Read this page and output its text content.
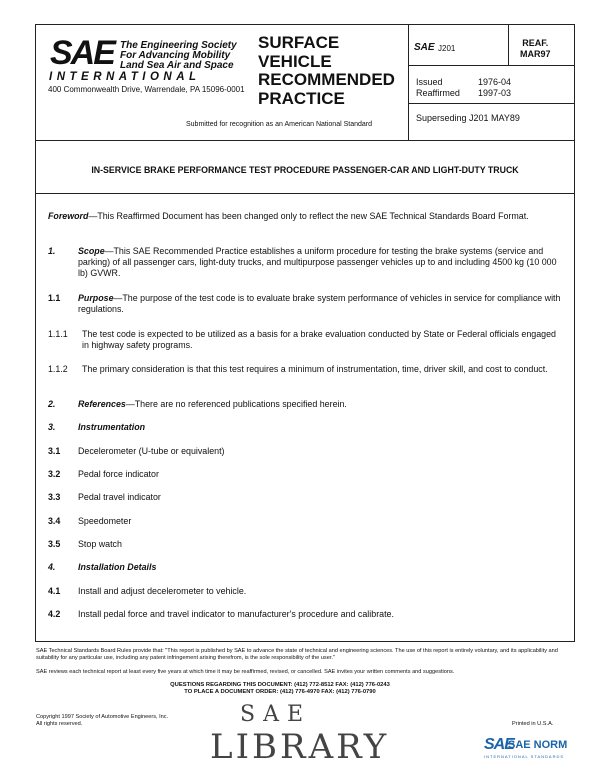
SAE The Engineering Society
For Advancing Mobility
Land Sea Air and Space
INTERNATIONAL
400 Commonwealth Drive, Warrendale, PA 15096-0001
SURFACE
VEHICLE
RECOMMENDED
PRACTICE
Submitted for recognition as an American National Standard
SAE J201
REAF.
MAR97
Issued	1976-04
Reaffirmed 1997-03
Superseding J201 MAY89
IN-SERVICE BRAKE PERFORMANCE TEST PROCEDURE PASSENGER-CAR AND LIGHT-DUTY TRUCK
Foreword—This Reaffirmed Document has been changed only to reflect the new SAE Technical Standards Board Format.
1.	Scope—This SAE Recommended Practice establishes a uniform procedure for testing the brake systems (service and parking) of all passenger cars, light-duty trucks, and multipurpose passenger vehicles up to and including 4500 kg (10 000 lb) GVWR.
1.1 Purpose—The purpose of the test code is to evaluate brake system performance of vehicles in service for compliance with regulations.
1.1.1 The test code is expected to be utilized as a basis for a brake evaluation conducted by State or Federal officials engaged in highway safety programs.
1.1.2 The primary consideration is that this test requires a minimum of instrumentation, time, driver skill, and cost to conduct.
2.	References—There are no referenced publications specified herein.
3.	Instrumentation
3.1 Decelerometer (U-tube or equivalent)
3.2 Pedal force indicator
3.3 Pedal travel indicator
3.4 Speedometer
3.5 Stop watch
4.	Installation Details
4.1 Install and adjust decelerometer to vehicle.
4.2 Install pedal force and travel indicator to manufacturer's procedure and calibrate.
SAE Technical Standards Board Rules provide that: "This report is published by SAE to advance the state of technical and engineering sciences. The use of this report is entirely voluntary, and its applicability and suitability for any particular use, including any patent infringement arising therefrom, is the sole responsibility of the user."
SAE reviews each technical report at least every five years at which time it may be reaffirmed, revised, or cancelled. SAE invites your written comments and suggestions.
QUESTIONS REGARDING THIS DOCUMENT: (412) 772-8512 FAX: (412) 776-0243
TO PLACE A DOCUMENT ORDER: (412) 776-4970 FAX: (412) 776-0790
Copyright 1997 Society of Automotive Engineers, Inc.
All rights reserved.	Printed in U.S.A.
SAE
LIBRARY	SAE
SAE NORM
INTERNATIONAL STANDARDS
